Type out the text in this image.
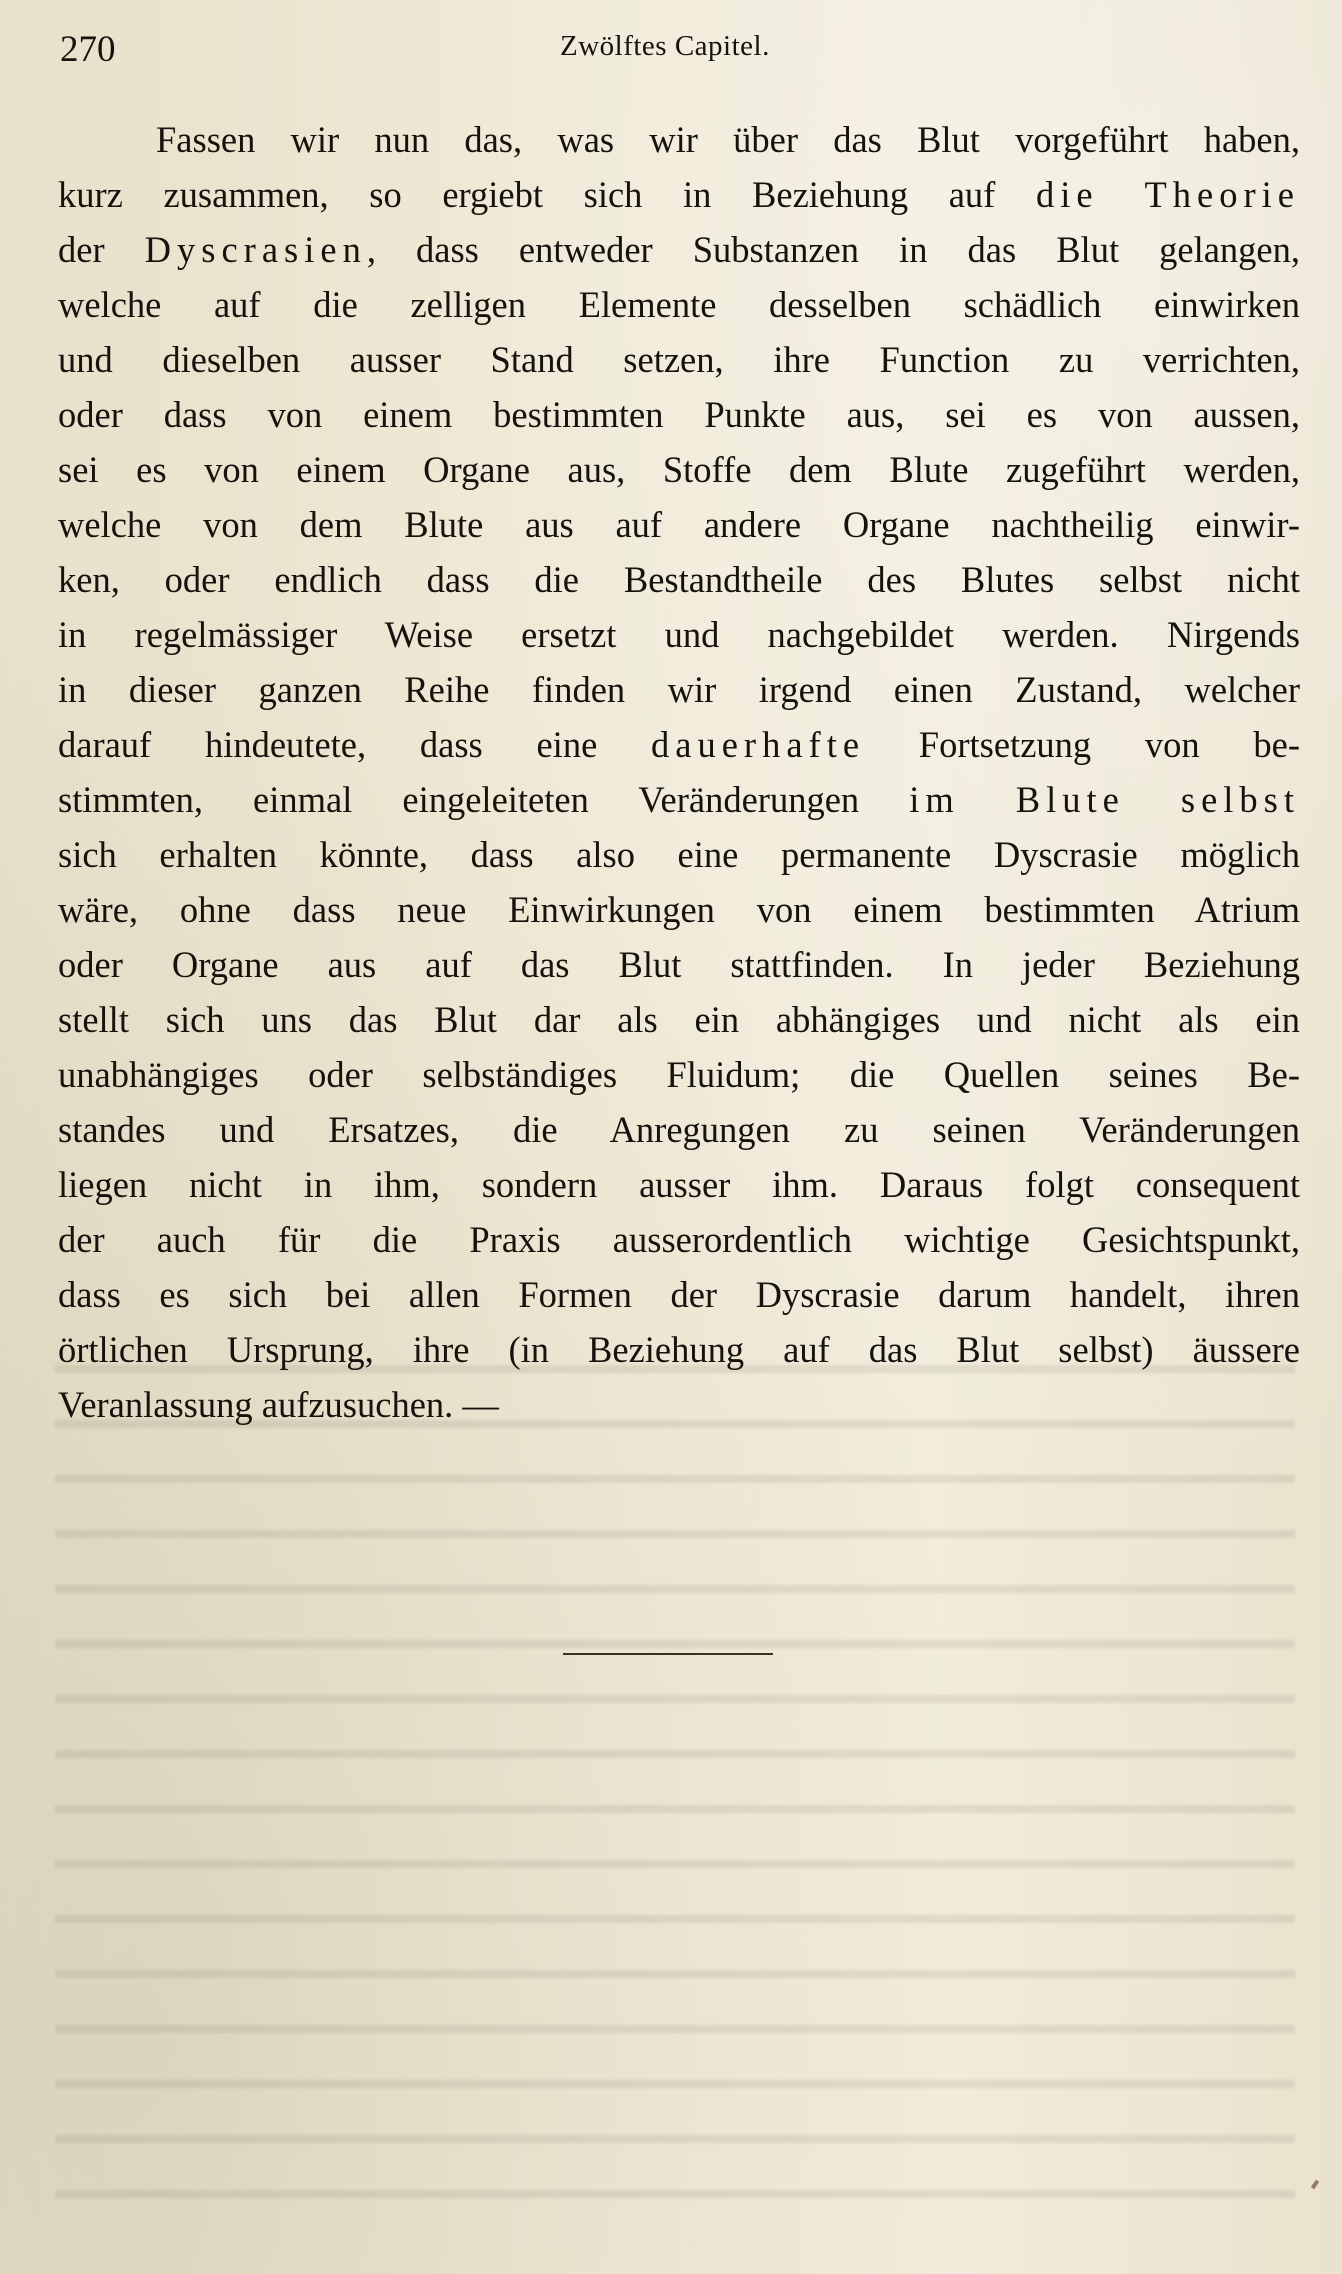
270	Zwölftes Capitel.
Fassen wir nun das, was wir über das Blut vorgeführt haben,
kurz zusammen, so ergiebt sich in Beziehung auf die Theorie
der Dyscrasien, dass entweder Substanzen in das Blut gelangen,
welche auf die zelligen Elemente desselben schädlich einwirken
und dieselben ausser Stand setzen, ihre Function zu verrichten,
oder dass von einem bestimmten Punkte aus, sei es von aussen,
sei es von einem Organe aus, Stoffe dem Blute zugeführt werden,
welche von dem Blute aus auf andere Organe nachtheilig einwir-
ken, oder endlich dass die Bestandtheile des Blutes selbst nicht
in regelmässiger Weise ersetzt und nachgebildet werden. Nirgends
in dieser ganzen Reihe finden wir irgend einen Zustand, welcher
darauf hindeutete, dass eine dauerhafte Fortsetzung von be-
stimmten, einmal eingeleiteten Veränderungen im Blute selbst
sich erhalten könnte, dass also eine permanente Dyscrasie möglich
wäre, ohne dass neue Einwirkungen von einem bestimmten Atrium
oder Organe aus auf das Blut stattfinden. In jeder Beziehung
stellt sich uns das Blut dar als ein abhängiges und nicht als ein
unabhängiges oder selbständiges Fluidum; die Quellen seines Be-
standes und Ersatzes, die Anregungen zu seinen Veränderungen
liegen nicht in ihm, sondern ausser ihm. Daraus folgt consequent
der auch für die Praxis ausserordentlich wichtige Gesichtspunkt,
dass es sich bei allen Formen der Dyscrasie darum handelt, ihren
örtlichen Ursprung, ihre (in Beziehung auf das Blut selbst) äussere
Veranlassung aufzusuchen. —
